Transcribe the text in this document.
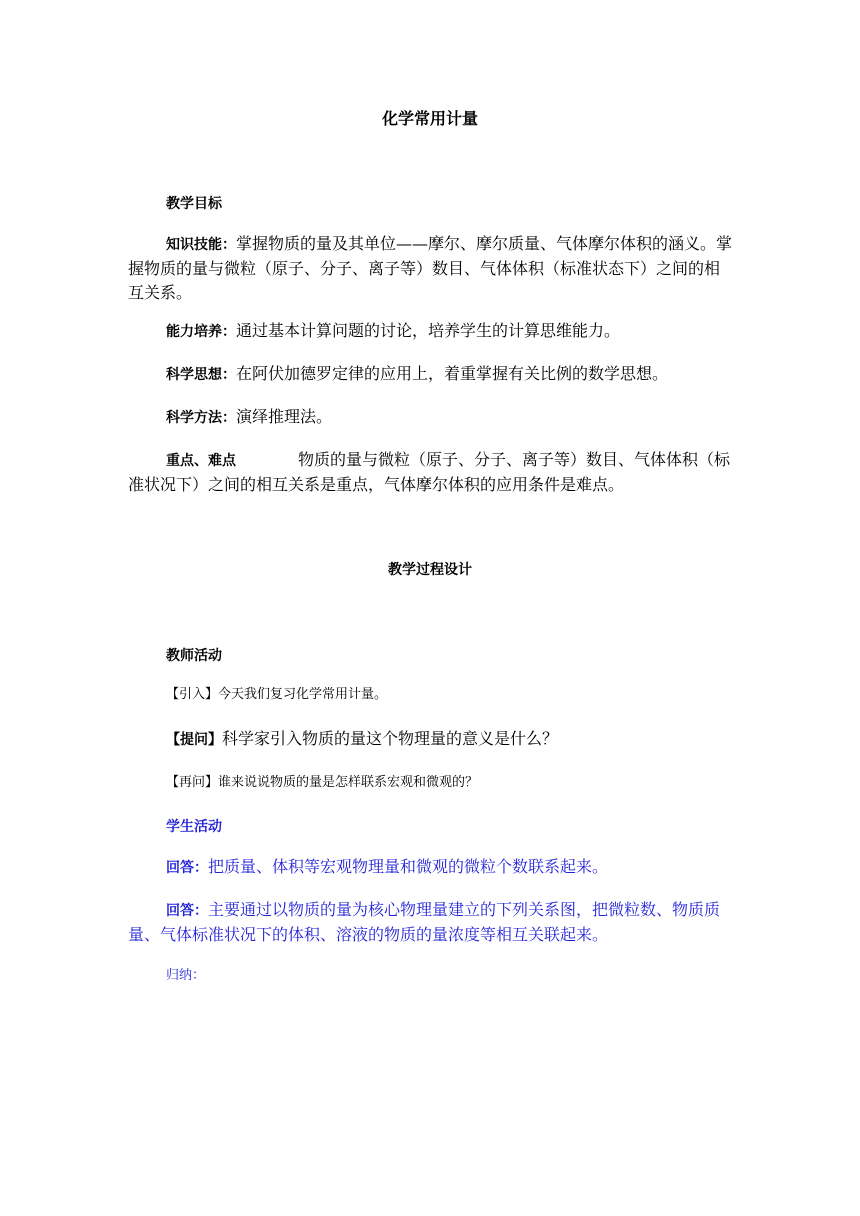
化学常用计量
教学目标
知识技能：掌握物质的量及其单位——摩尔、摩尔质量、气体摩尔体积的涵义。掌握物质的量与微粒（原子、分子、离子等）数目、气体体积（标准状态下）之间的相互关系。
能力培养：通过基本计算问题的讨论，培养学生的计算思维能力。
科学思想：在阿伏加德罗定律的应用上，着重掌握有关比例的数学思想。
科学方法：演绎推理法。
重点、难点	物质的量与微粒（原子、分子、离子等）数目、气体体积（标准状况下）之间的相互关系是重点，气体摩尔体积的应用条件是难点。
教学过程设计
教师活动
【引入】今天我们复习化学常用计量。
【提问】科学家引入物质的量这个物理量的意义是什么？
【再问】谁来说说物质的量是怎样联系宏观和微观的？
学生活动
回答：把质量、体积等宏观物理量和微观的微粒个数联系起来。
回答：主要通过以物质的量为核心物理量建立的下列关系图，把微粒数、物质质量、气体标准状况下的体积、溶液的物质的量浓度等相互关联起来。
归纳：
